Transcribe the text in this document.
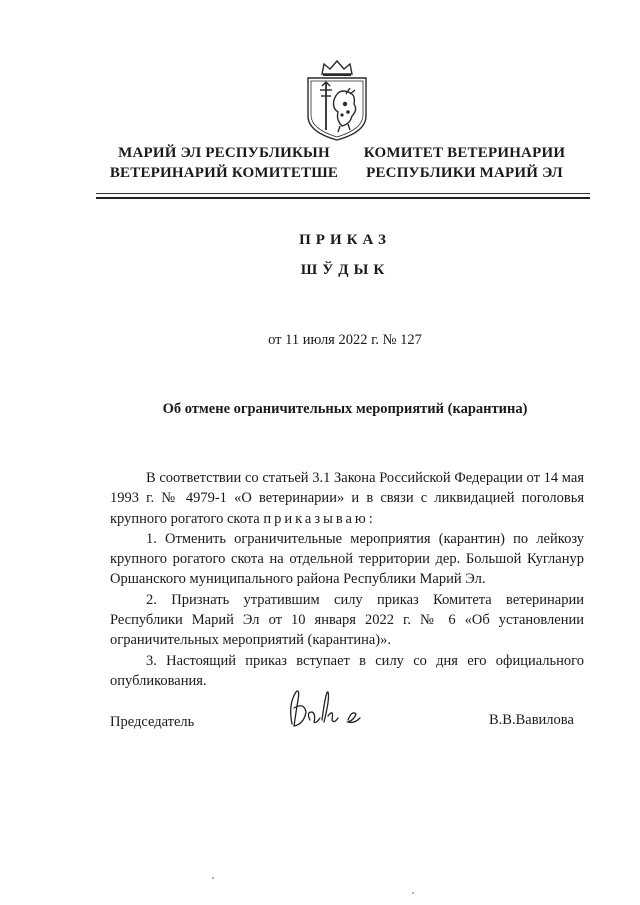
МАРИЙ ЭЛ РЕСПУБЛИКЫН
ВЕТЕРИНАРИЙ КОМИТЕТШЕ
КОМИТЕТ ВЕТЕРИНАРИИ
РЕСПУБЛИКИ МАРИЙ ЭЛ
ПРИКАЗ
ШЎДЫК
от 11 июля 2022 г. № 127
Об отмене ограничительных мероприятий (карантина)

В соответствии со статьей 3.1 Закона Российской Федерации от 14 мая 1993 г. № 4979-1 «О ветеринарии» и в связи с ликвидацией поголовья крупного рогатого скота приказываю:

1. Отменить ограничительные мероприятия (карантин) по лейкозу крупного рогатого скота на отдельной территории дер. Большой Кугланур Оршанского муниципального района Республики Марий Эл.

2. Признать утратившим силу приказ Комитета ветеринарии Республики Марий Эл от 10 января 2022 г. № 6 «Об установлении ограничительных мероприятий (карантина)».

3. Настоящий приказ вступает в силу со дня его официального опубликования.

Председатель	В.В.Вавилова
